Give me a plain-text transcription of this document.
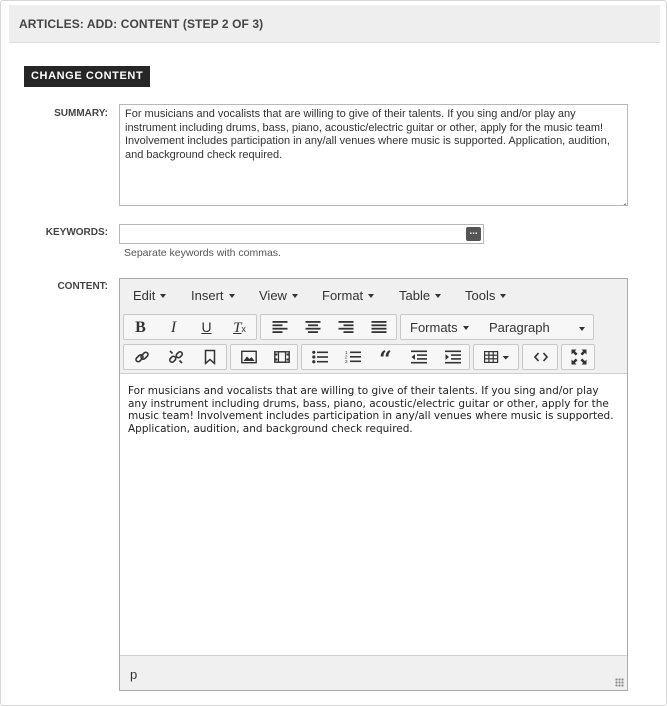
ARTICLES: ADD: CONTENT (STEP 2 OF 3)
CHANGE CONTENT
SUMMARY:	For musicians and vocalists that are willing to give of their talents. If you sing and/or play any instrument including drums, bass, piano, acoustic/electric guitar or other, apply for the music team! Involvement includes participation in any/all venues where music is supported. Application, audition, and background check required.
KEYWORDS:	...
Separate keywords with commas.
CONTENT:
Edit	Insert	View	Format	Table	Tools
B	I	U	Tx	Formats	Paragraph
1
2
3	“
For musicians and vocalists that are willing to give of their talents. If you sing and/or play any instrument including drums, bass, piano, acoustic/electric guitar or other, apply for the music team! Involvement includes participation in any/all venues where music is supported. Application, audition, and background check required.
p
